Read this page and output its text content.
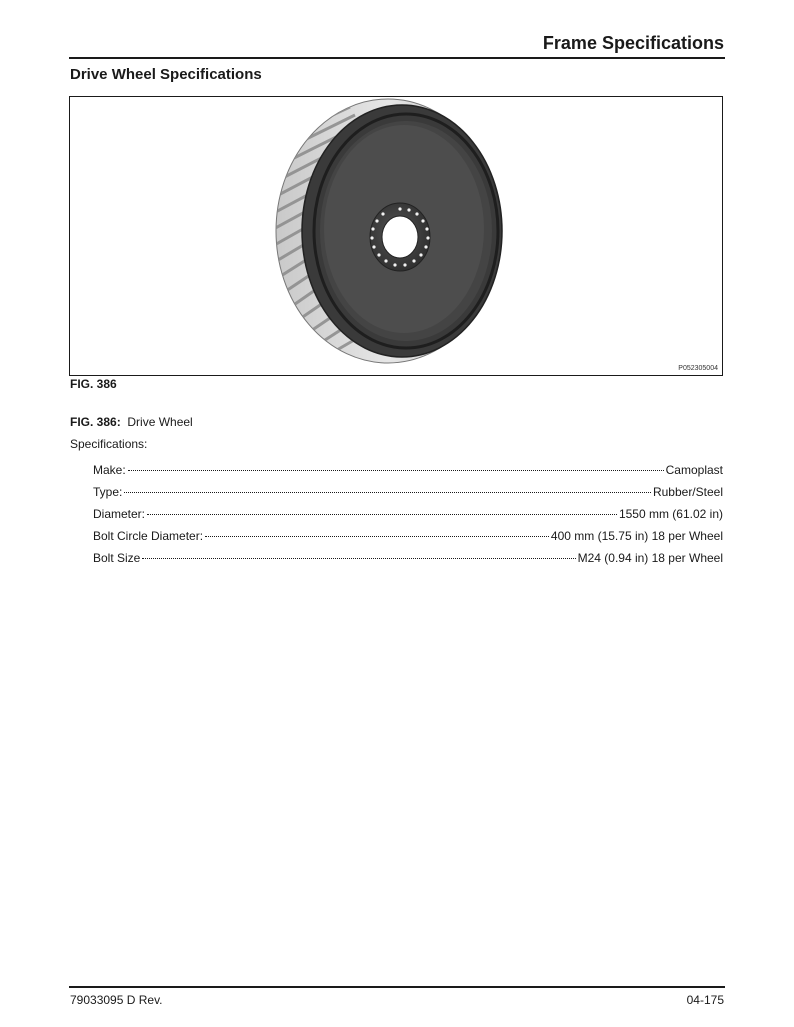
Frame Specifications
Drive Wheel Specifications
P052305004
FIG. 386
FIG. 386: Drive Wheel
Specifications:
Make:	Camoplast
Type:	Rubber/Steel
Diameter:	1550 mm (61.02 in)
Bolt Circle Diameter:	400 mm (15.75 in) 18 per Wheel
Bolt Size	M24 (0.94 in) 18 per Wheel
79033095 D Rev.	04-175
